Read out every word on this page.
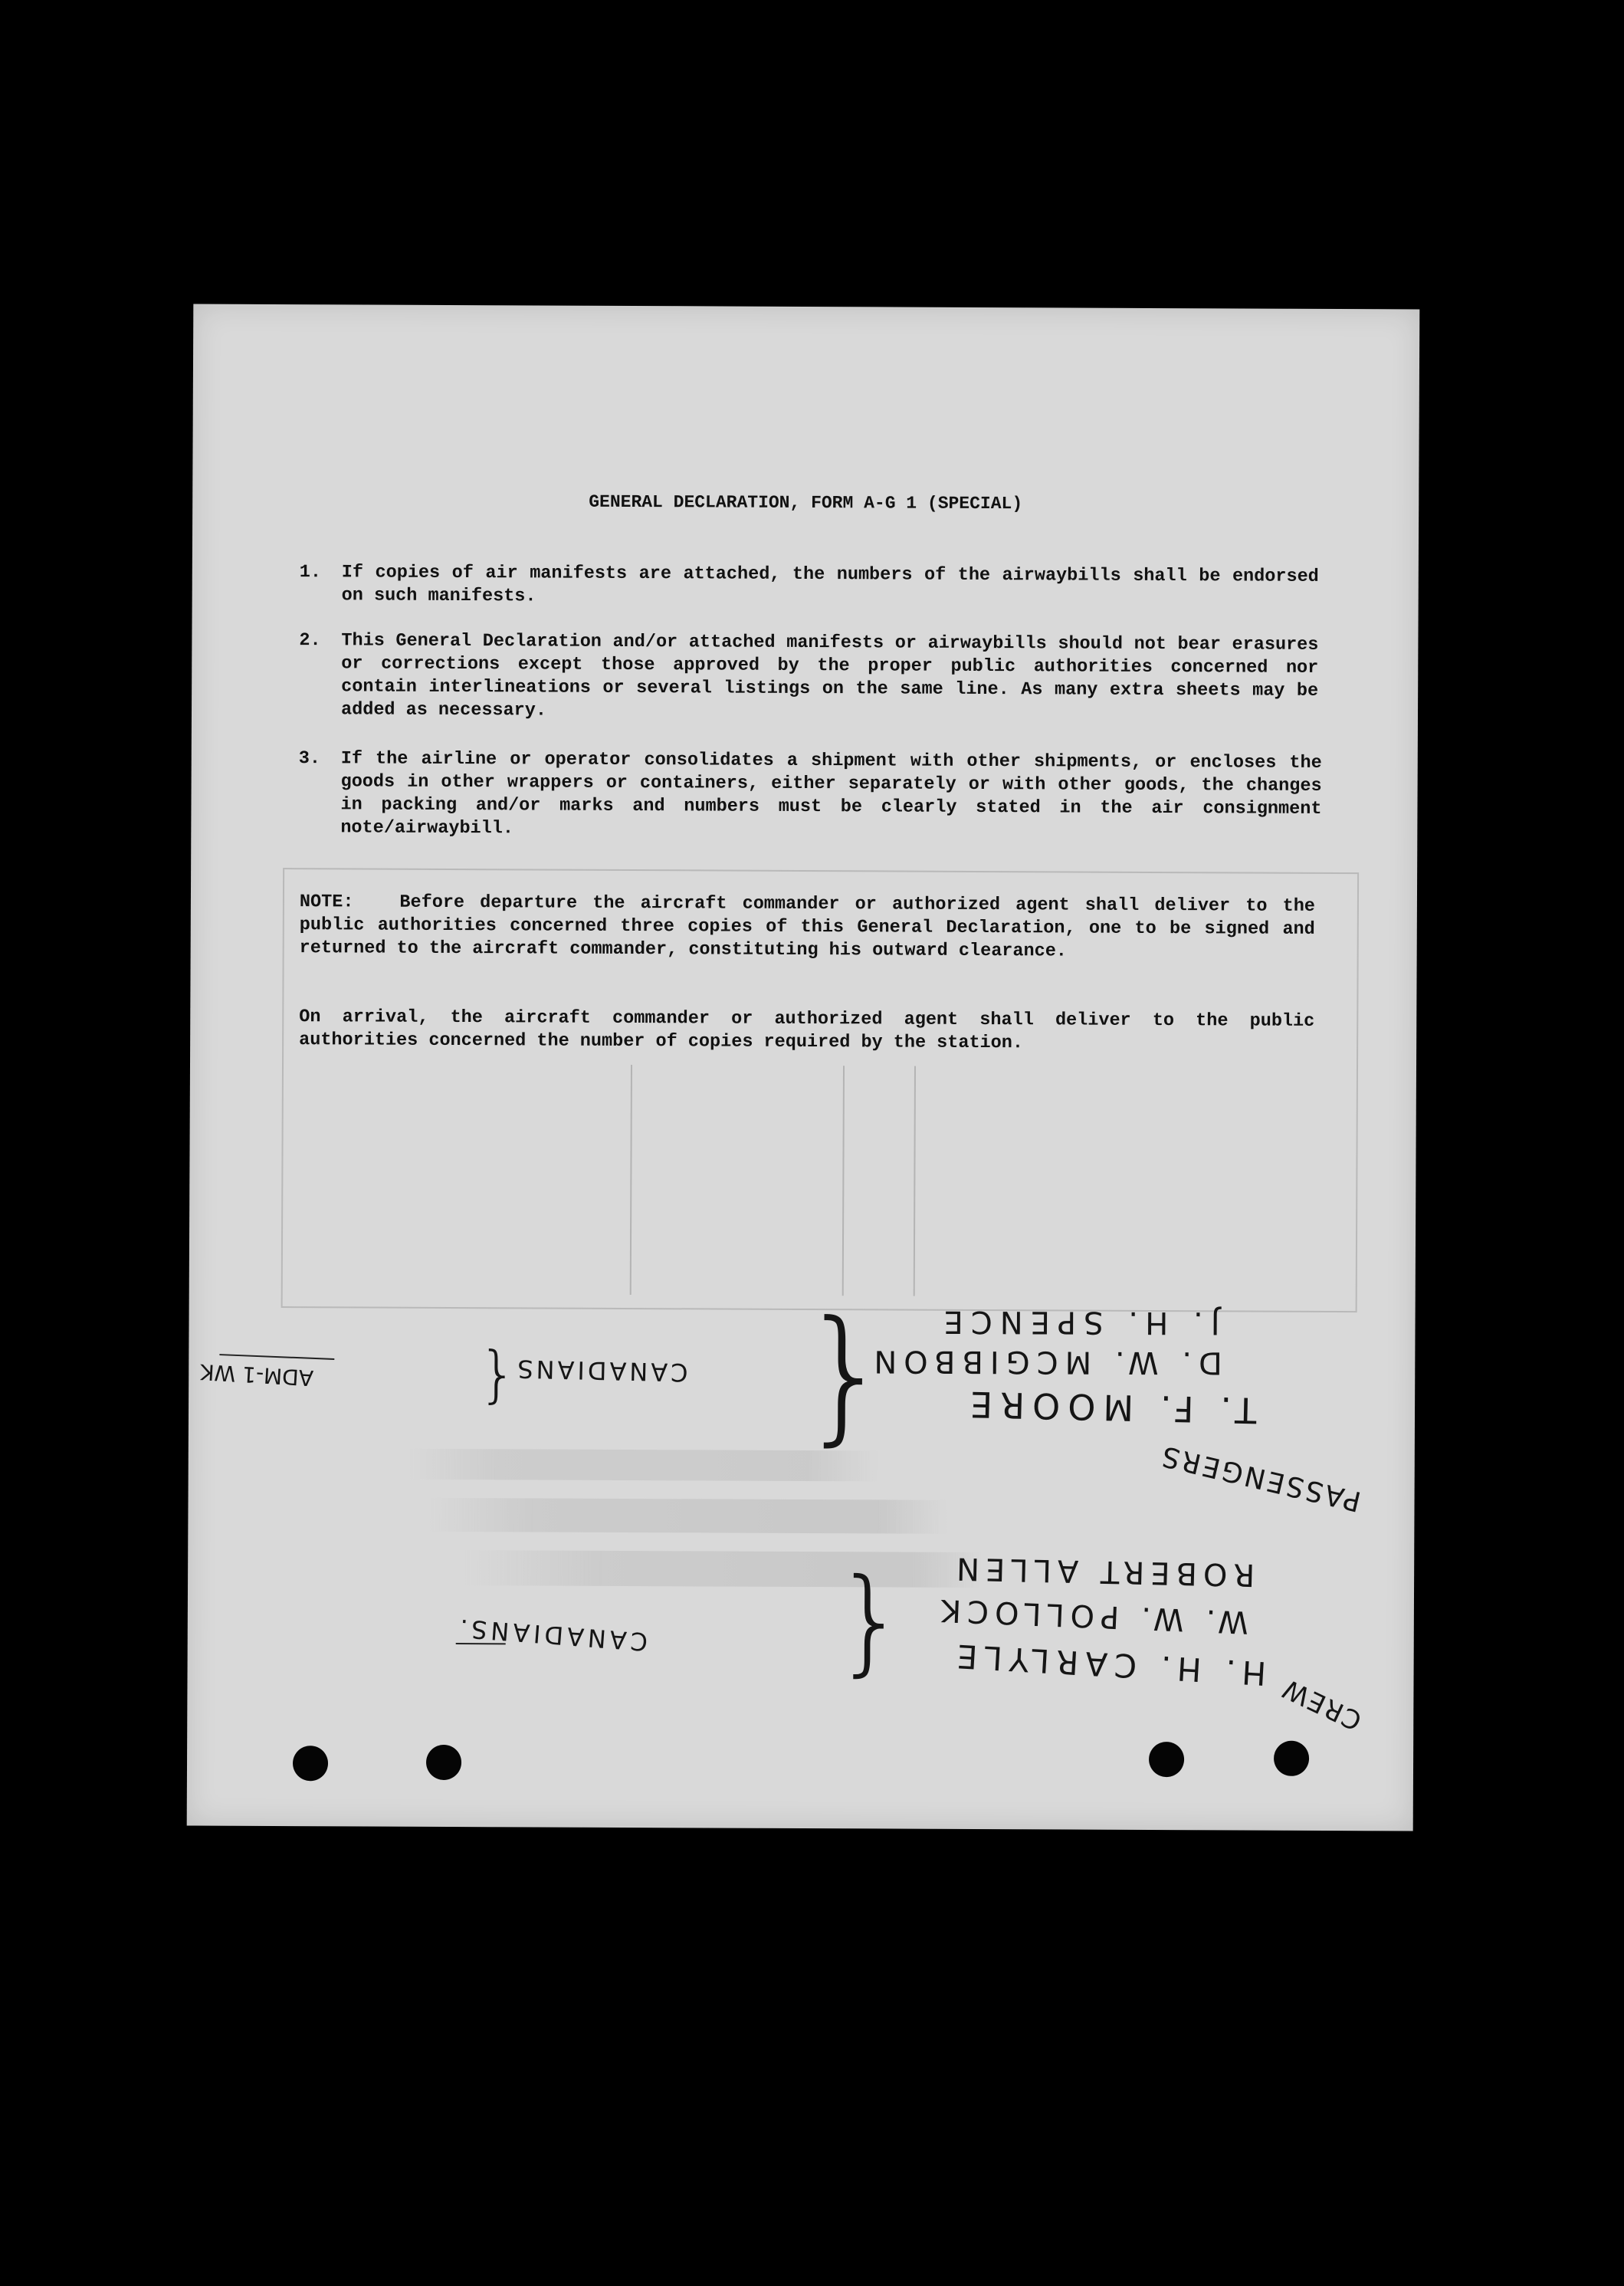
GENERAL DECLARATION, FORM A-G 1 (SPECIAL)
1. If copies of air manifests are attached, the numbers of the airwaybills shall be endorsed on such manifests.
2. This General Declaration and/or attached manifests or airwaybills should not bear erasures or corrections except those approved by the proper public authorities concerned nor contain interlineations or several listings on the same line. As many extra sheets may be added as necessary.
3. If the airline or operator consolidates a shipment with other shipments, or encloses the goods in other wrappers or containers, either separately or with other goods, the changes in packing and/or marks and numbers must be clearly stated in the air consignment note/airwaybill.
NOTE:	Before departure the aircraft commander or authorized agent shall deliver to the public authorities concerned three copies of this General Declaration, one to be signed and returned to the aircraft commander, constituting his outward clearance.
On arrival, the aircraft commander or authorized agent shall deliver to the public authorities concerned the number of copies required by the station.
T. F. MOORE
D. W. MCGIBBON
J. H. SPENCE
{
CANADIANS
{
ADM-1 WK
PASSENGERS
H. H. CARLYLE
W. W. POLLOCK
ROBERT ALLEN
{
CANADIANS.
CREW
